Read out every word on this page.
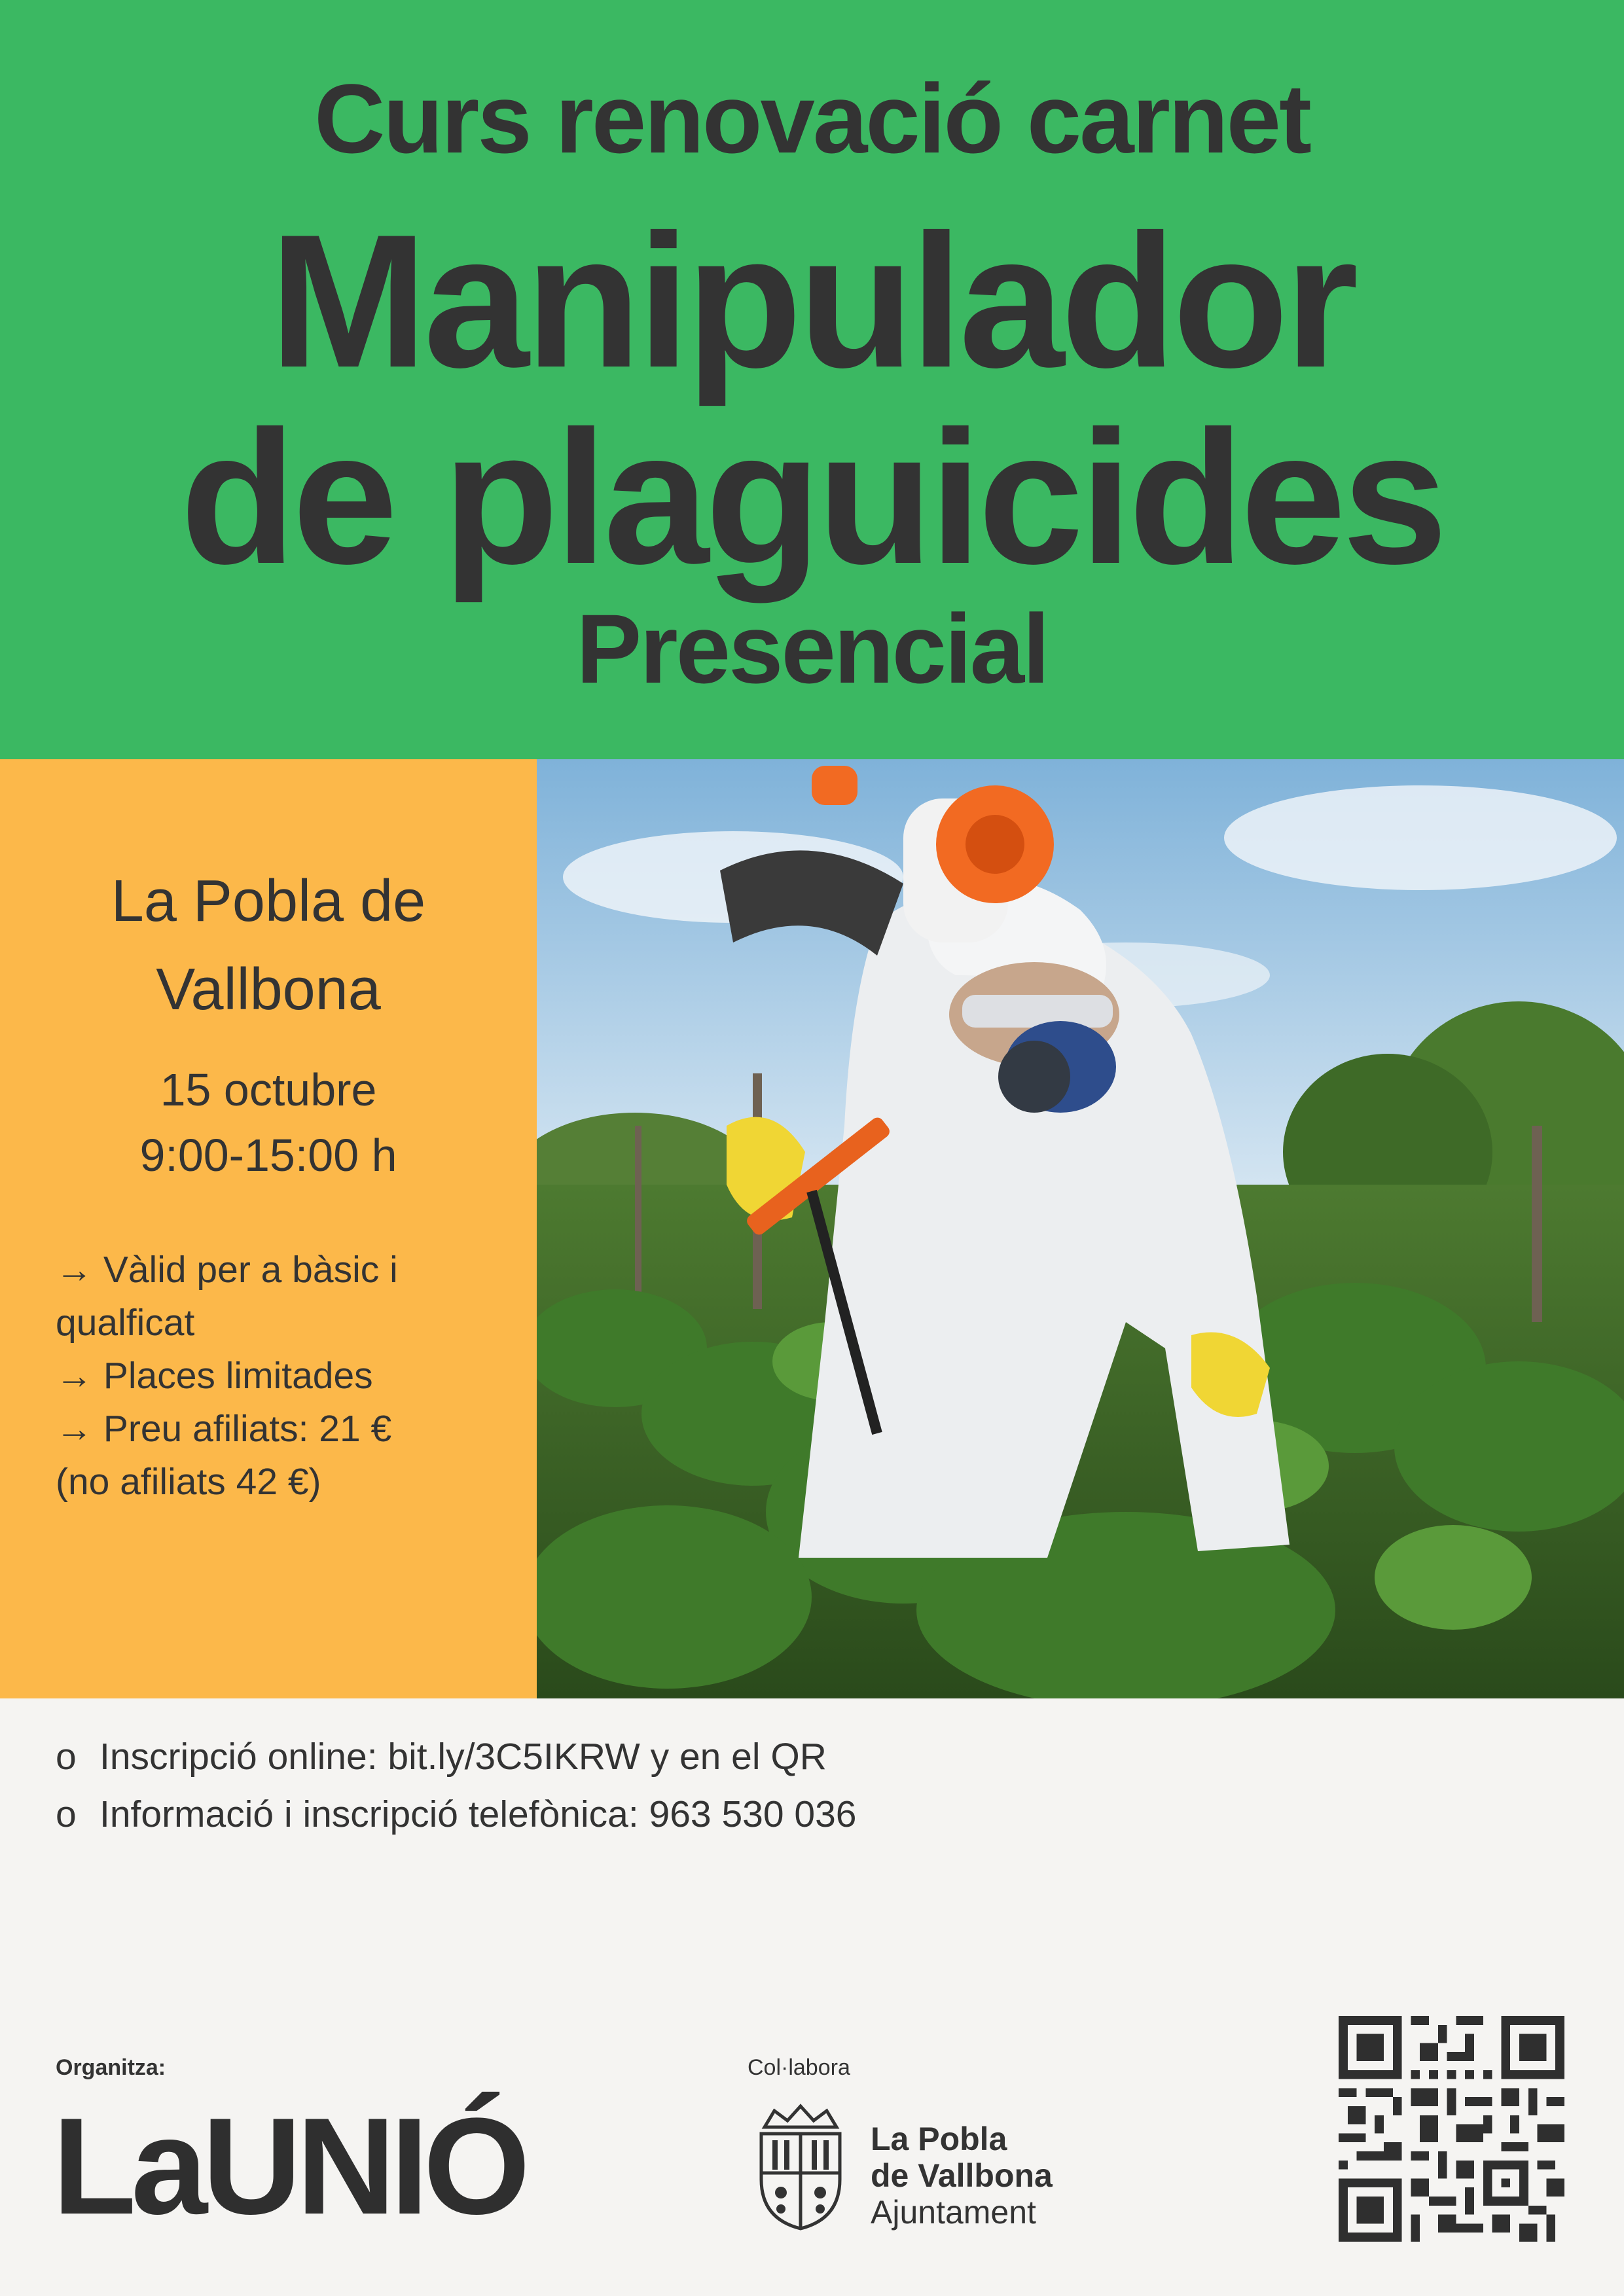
Curs renovació carnet
Manipulador
de plaguicides
Presencial
La Pobla de
Vallbona
15 octubre
9:00-15:00 h
→ Vàlid per a bàsic i
qualficat
→ Places limitades
→ Preu afiliats: 21 €
(no afiliats 42 €)
o Inscripció online: bit.ly/3C5IKRW y en el QR
o Informació i inscripció telefònica: 963 530 036
Organitza:
LaUNIÓ
Col·labora
La Pobla
de Vallbona
Ajuntament
